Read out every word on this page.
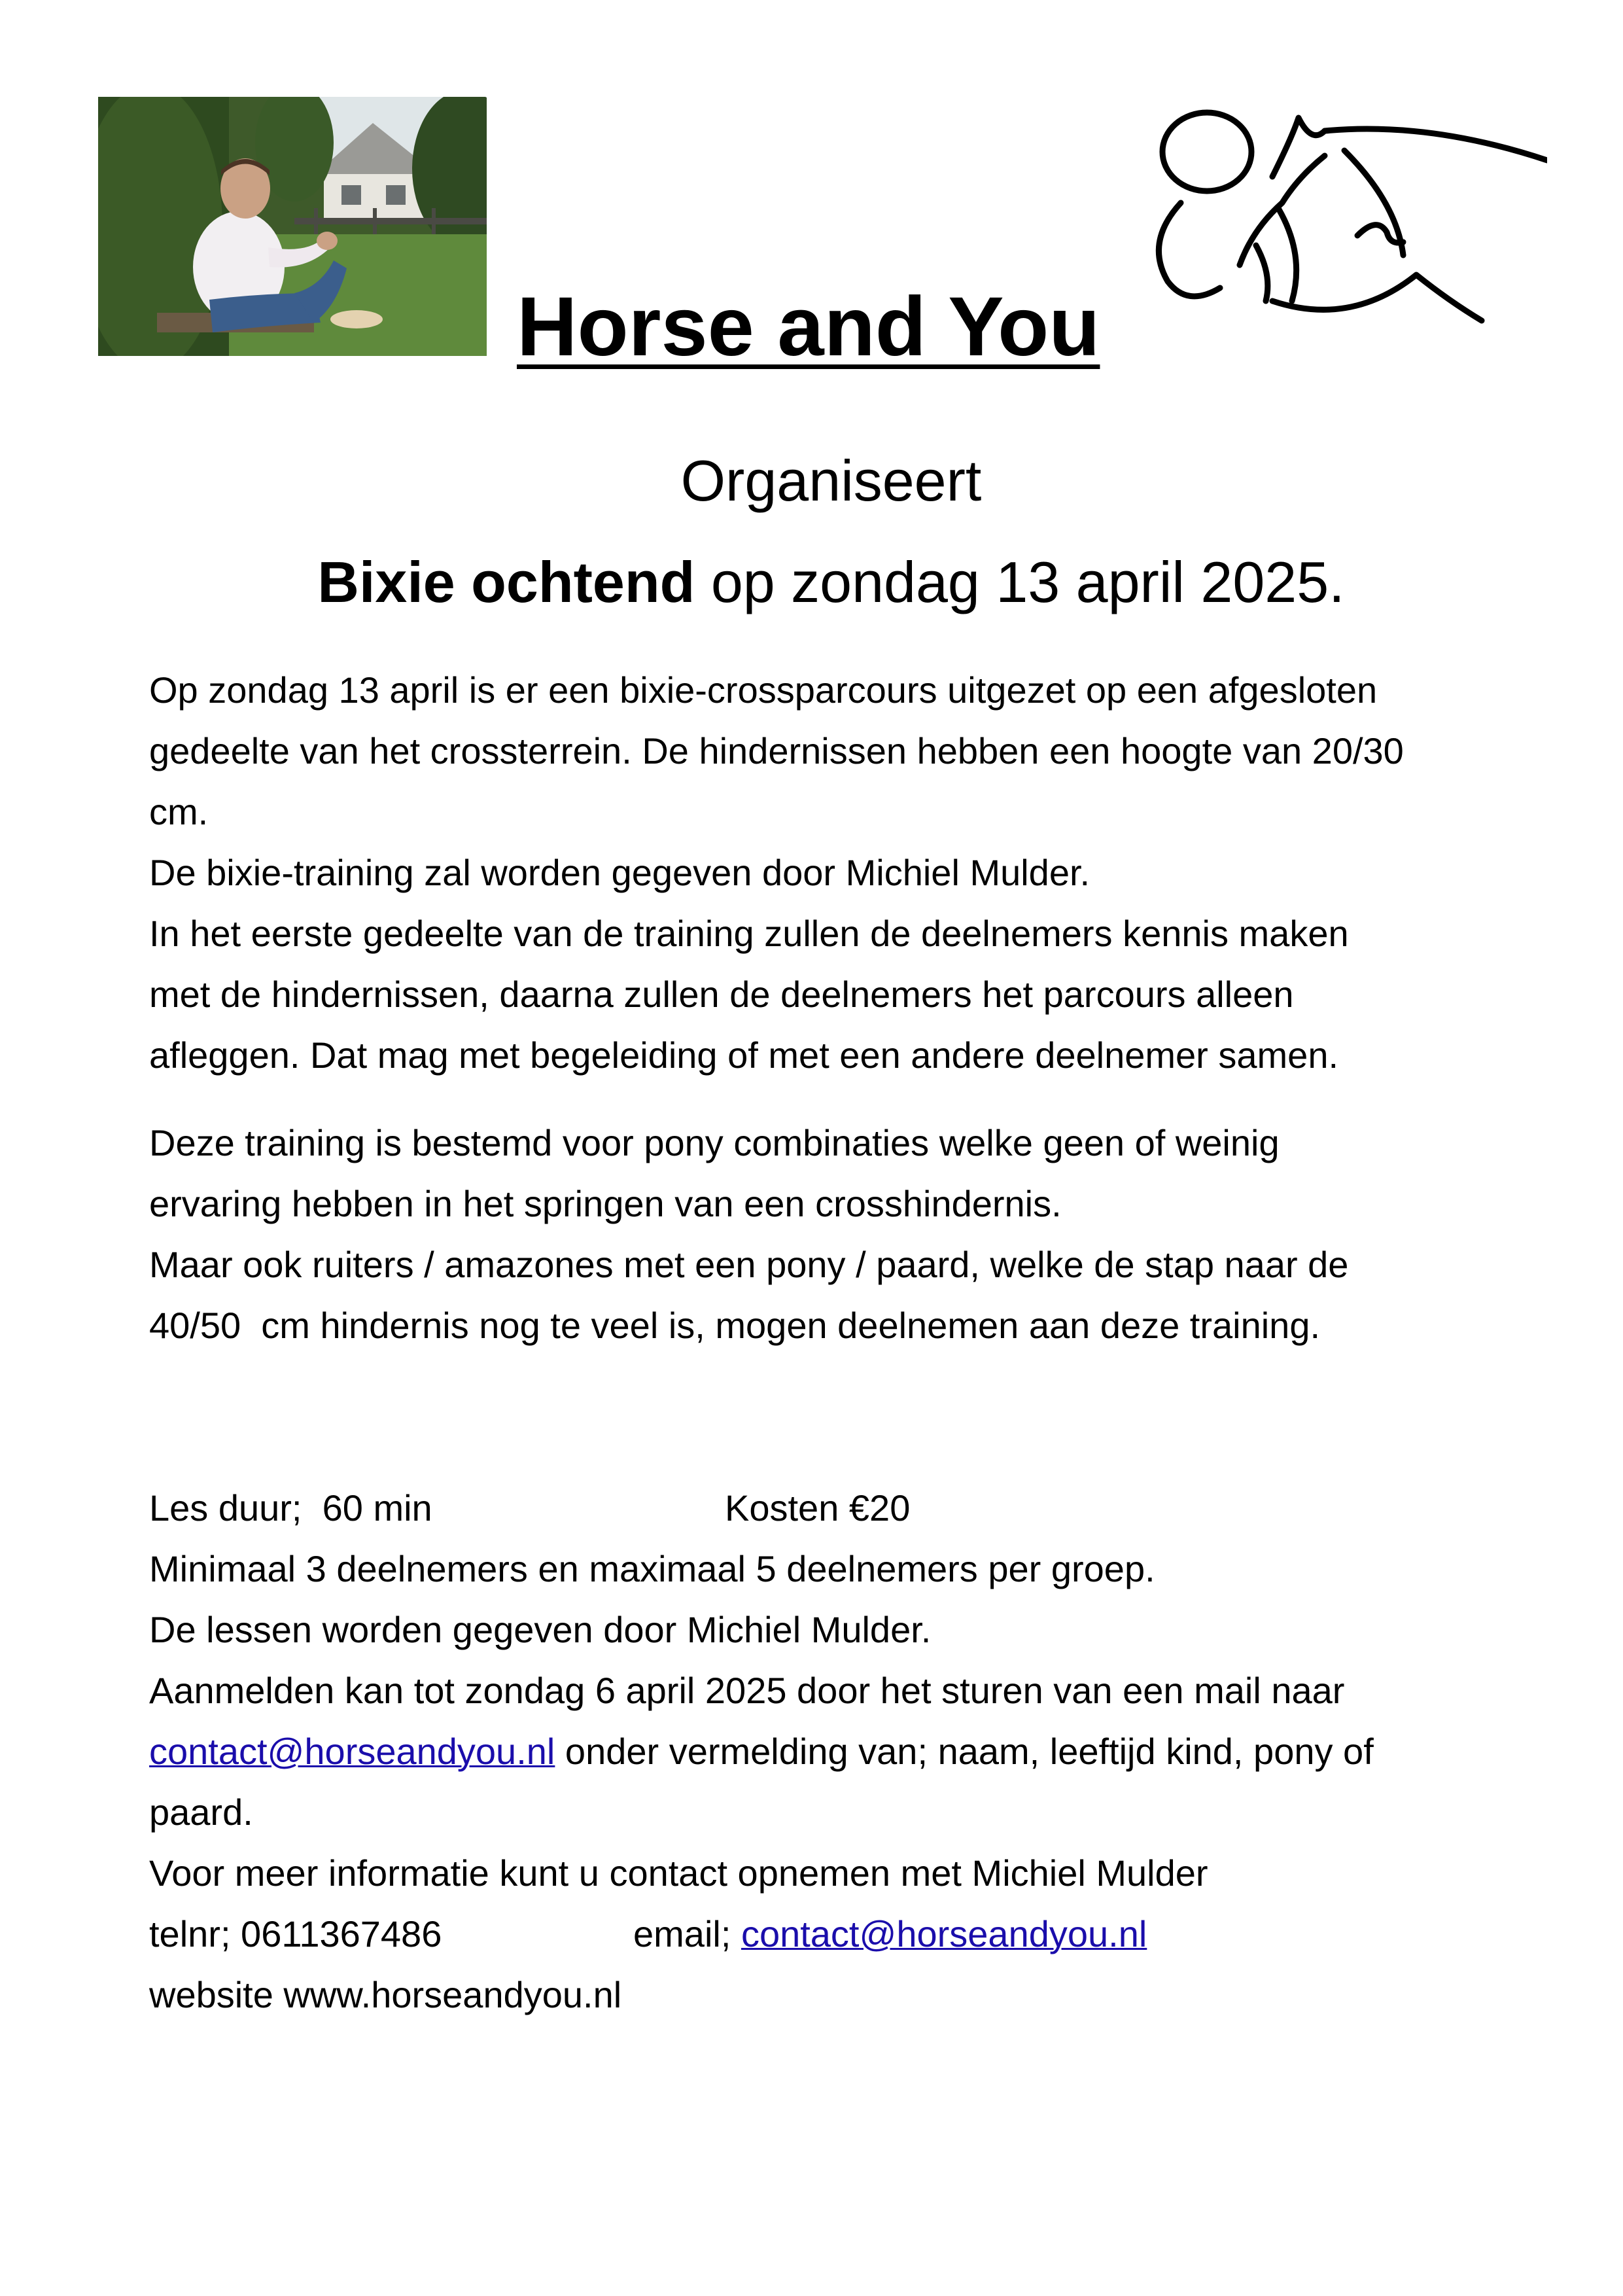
Horse and You

Organiseert

Bixie ochtend op zondag 13 april 2025.

Op zondag 13 april is er een bixie-crossparcours uitgezet op een afgesloten
gedeelte van het crossterrein. De hindernissen hebben een hoogte van 20/30
cm.
De bixie-training zal worden gegeven door Michiel Mulder.
In het eerste gedeelte van de training zullen de deelnemers kennis maken
met de hindernissen, daarna zullen de deelnemers het parcours alleen
afleggen. Dat mag met begeleiding of met een andere deelnemer samen.
Deze training is bestemd voor pony combinaties welke geen of weinig
ervaring hebben in het springen van een crosshindernis.
Maar ook ruiters / amazones met een pony / paard, welke de stap naar de
40/50  cm hindernis nog te veel is, mogen deelnemen aan deze training.
Les duur;  60 min	Kosten €20
Minimaal 3 deelnemers en maximaal 5 deelnemers per groep.
De lessen worden gegeven door Michiel Mulder.
Aanmelden kan tot zondag 6 april 2025 door het sturen van een mail naar
contact@horseandyou.nl onder vermelding van; naam, leeftijd kind, pony of
paard.
Voor meer informatie kunt u contact opnemen met Michiel Mulder
telnr; 0611367486	email; contact@horseandyou.nl
website www.horseandyou.nl
